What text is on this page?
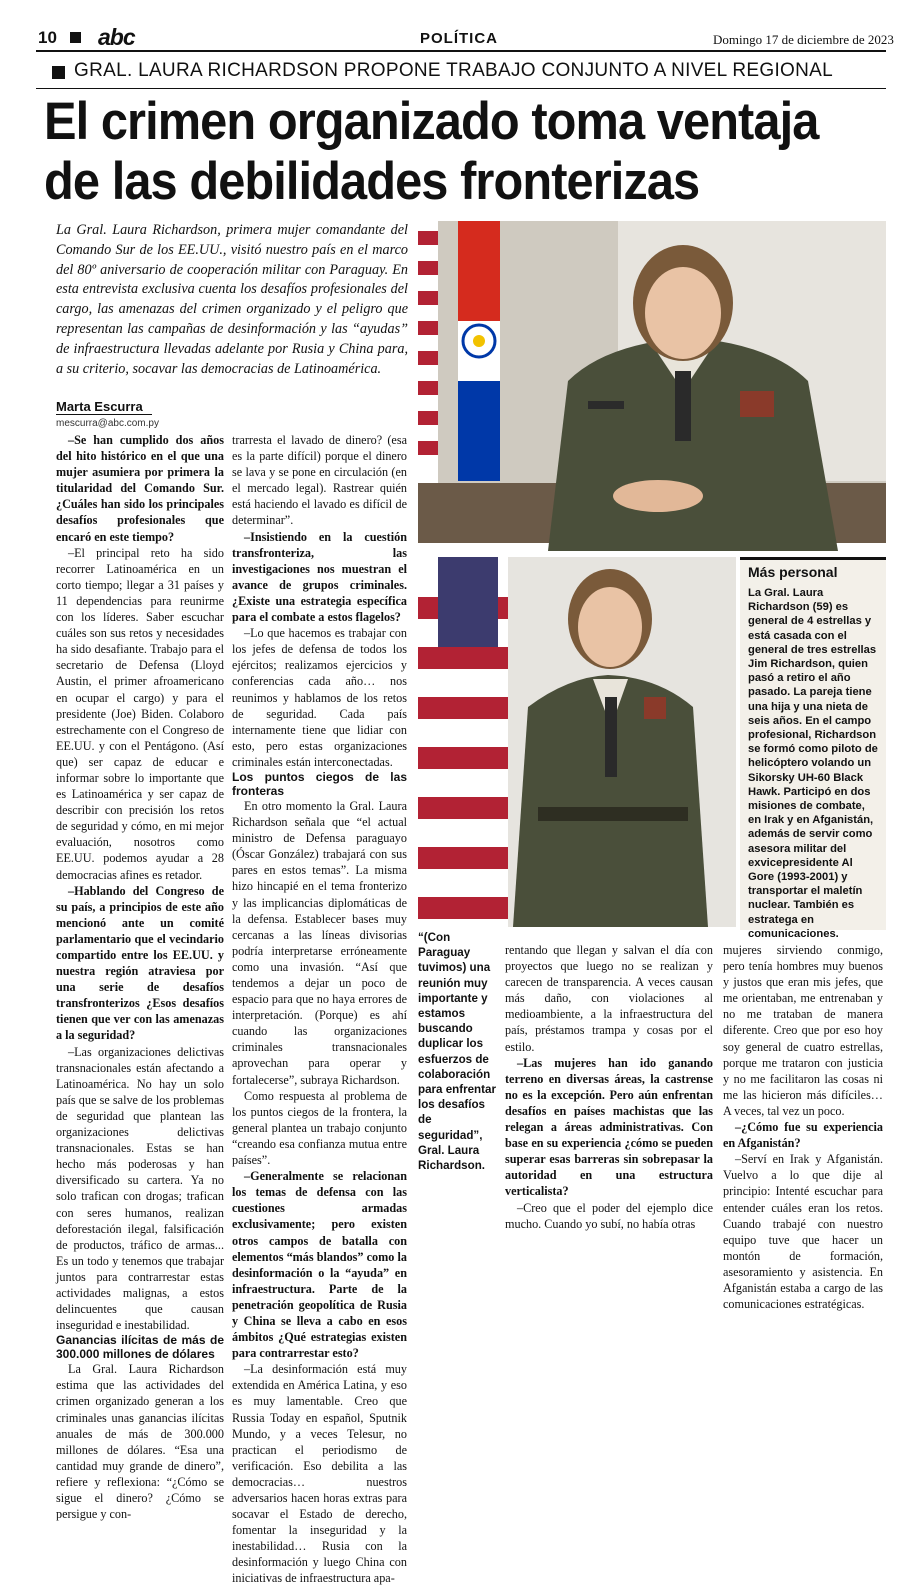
10 abc	POLÍTICA	Domingo 17 de diciembre de 2023
GRAL. LAURA RICHARDSON PROPONE TRABAJO CONJUNTO A NIVEL REGIONAL
El crimen organizado toma ventaja
de las debilidades fronterizas
La Gral. Laura Richardson, primera mujer comandante del Comando Sur de los EE.UU., visitó nuestro país en el marco del 80º aniversario de cooperación militar con Paraguay. En esta entrevista exclusiva cuenta los desafíos profesionales del cargo, las amenazas del crimen organizado y el peligro que representan las campañas de desinformación y las “ayudas” de infraestructura llevadas adelante por Rusia y China para, a su criterio, socavar las democracias de Latinoamérica.
Marta Escurra
mescurra@abc.com.py

–Se han cumplido dos años del hito histórico en el que una mujer asumiera por primera la titularidad del Comando Sur. ¿Cuáles han sido los principales desafíos profesionales que encaró en este tiempo?

–El principal reto ha sido recorrer Latinoamérica en un corto tiempo; llegar a 31 países y 11 dependencias para reunirme con los líderes. Saber escuchar cuáles son sus retos y necesidades ha sido desafiante. Trabajo para el secretario de Defensa (Lloyd Austin, el primer afroamericano en ocupar el cargo) y para el presidente (Joe) Biden. Colaboro estrechamente con el Congreso de EE.UU. y con el Pentágono. (Así que) ser capaz de educar e informar sobre lo importante que es Latinoamérica y ser capaz de describir con precisión los retos de seguridad y cómo, en mi mejor evaluación, nosotros como EE.UU. podemos ayudar a 28 democracias afines es retador.

–Hablando del Congreso de su país, a principios de este año mencionó ante un comité parlamentario que el vecindario compartido entre los EE.UU. y nuestra región atraviesa por una serie de desafíos transfronterizos ¿Esos desafíos tienen que ver con las amenazas a la seguridad?

–Las organizaciones delictivas transnacionales están afectando a Latinoamérica. No hay un solo país que se salve de los problemas de seguridad que plantean las organizaciones delictivas transnacionales. Estas se han hecho más poderosas y han diversificado su cartera. Ya no solo trafican con drogas; trafican con seres humanos, realizan deforestación ilegal, falsificación de productos, tráfico de armas... Es un todo y tenemos que trabajar juntos para contrarrestar estas actividades malignas, a estos delincuentes que causan inseguridad e inestabilidad.

Ganancias ilícitas de más de 300.000 millones de dólares

La Gral. Laura Richardson estima que las actividades del crimen organizado generan a los criminales unas ganancias ilícitas anuales de más de 300.000 millones de dólares. “Esa una cantidad muy grande de dinero”, refiere y reflexiona: “¿Cómo se sigue el dinero? ¿Cómo se persigue y con-

trarresta el lavado de dinero? (esa es la parte difícil) porque el dinero se lava y se pone en circulación (en el mercado legal). Rastrear quién está haciendo el lavado es difícil de determinar”.

–Insistiendo en la cuestión transfronteriza, las investigaciones nos muestran el avance de grupos criminales. ¿Existe una estrategia específica para el combate a estos flagelos?

–Lo que hacemos es trabajar con los jefes de defensa de todos los ejércitos; realizamos ejercicios y conferencias cada año… nos reunimos y hablamos de los retos de seguridad. Cada país internamente tiene que lidiar con esto, pero estas organizaciones criminales están interconectadas.

Los puntos ciegos de las fronteras

En otro momento la Gral. Laura Richardson señala que “el actual ministro de Defensa paraguayo (Óscar González) trabajará con sus pares en estos temas”. La misma hizo hincapié en el tema fronterizo y las implicancias diplomáticas de la defensa. Establecer bases muy cercanas a las líneas divisorias podría interpretarse erróneamente como una invasión. “Así que tendemos a dejar un poco de espacio para que no haya errores de interpretación. (Porque) es ahí cuando las organizaciones criminales transnacionales aprovechan para operar y fortalecerse”, subraya Richardson.

Como respuesta al problema de los puntos ciegos de la frontera, la general plantea un trabajo conjunto “creando esa confianza mutua entre países”.

–Generalmente se relacionan los temas de defensa con las cuestiones armadas exclusivamente; pero existen otros campos de batalla con elementos “más blandos” como la desinformación o la “ayuda” en infraestructura. Parte de la penetración geopolítica de Rusia y China se lleva a cabo en esos ámbitos ¿Qué estrategias existen para contrarrestar esto?

–La desinformación está muy extendida en América Latina, y eso es muy lamentable. Creo que Russia Today en español, Sputnik Mundo, y a veces Telesur, no practican el periodismo de verificación. Eso debilita a las democracias… nuestros adversarios hacen horas extras para socavar el Estado de derecho, fomentar la inseguridad y la inestabilidad… Rusia con la desinformación y luego China con iniciativas de infraestructura apa-

Más personal
La Gral. Laura Richardson (59) es general de 4 estrellas y está casada con el general de tres estrellas Jim Richardson, quien pasó a retiro el año pasado. La pareja tiene una hija y una nieta de seis años. En el campo profesional, Richardson se formó como piloto de helicóptero volando un Sikorsky UH-60 Black Hawk. Participó en dos misiones de combate, en Irak y en Afganistán, además de servir como asesora militar del exvicepresidente Al Gore (1993-2001) y transportar el maletín nuclear. También es estratega en comunicaciones.
“(Con Paraguay tuvimos) una reunión muy importante y estamos buscando duplicar los esfuerzos de colaboración para enfrentar los desafíos de seguridad”, Gral. Laura Richardson.

rentando que llegan y salvan el día con proyectos que luego no se realizan y carecen de transparencia. A veces causan más daño, con violaciones al medioambiente, a la infraestructura del país, préstamos trampa y cosas por el estilo.

–Las mujeres han ido ganando terreno en diversas áreas, la castrense no es la excepción. Pero aún enfrentan desafíos en países machistas que las relegan a áreas administrativas. Con base en su experiencia ¿cómo se pueden superar esas barreras sin sobrepasar la autoridad en una estructura verticalista?

–Creo que el poder del ejemplo dice mucho. Cuando yo subí, no había otras

mujeres sirviendo conmigo, pero tenía hombres muy buenos y justos que eran mis jefes, que me orientaban, me entrenaban y no me trataban de manera diferente. Creo que por eso hoy soy general de cuatro estrellas, porque me trataron con justicia y no me facilitaron las cosas ni me las hicieron más difíciles… A veces, tal vez un poco.

–¿Cómo fue su experiencia en Afganistán?

–Serví en Irak y Afganistán. Vuelvo a lo que dije al principio: Intenté escuchar para entender cuáles eran los retos. Cuando trabajé con nuestro equipo tuve que hacer un montón de formación, asesoramiento y asistencia. En Afganistán estaba a cargo de las comunicaciones estratégicas.
